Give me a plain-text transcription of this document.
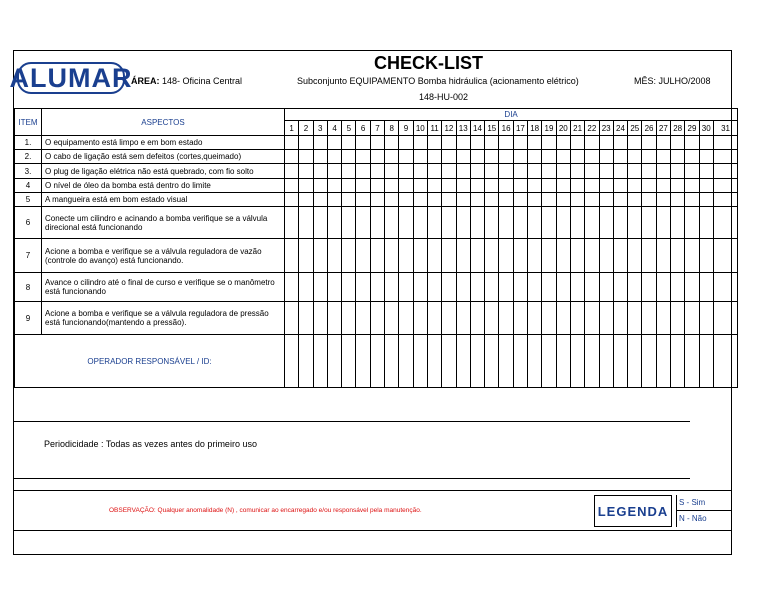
ALUMAR
ÁREA: 148- Oficina Central
CHECK-LIST
Subconjunto EQUIPAMENTO Bomba hidráulica (acionamento elétrico)
148-HU-002
MÊS: JULHO/2008
ITEM	ASPECTOS	DIA																														
		1	2	3	4	5	6	7	8	9	10	11	12	13	14	15	16	17	18	19	20	21	22	23	24	25	26	27	28	29	30	31
1.	O equipamento está limpo e em bom estado																															
2.	O cabo de ligação está sem defeitos (cortes,queimado)																															
3.	O plug de ligação elétrica não está quebrado, com fio solto																															
4	O nível de óleo da bomba está dentro do limite																															
5	A mangueira está em bom estado visual																															
6	Conecte um cilindro e acinando a bomba verifique se a válvula direcional está funcionando																															
7	Acione a bomba e verifique se a válvula reguladora de vazão (controle do avanço) está funcionando.																															
8	Avance o cilindro até o final de curso e verifique se o manômetro está funcionando																															
9	Acione a bomba e verifique se a válvula reguladora de pressão está funcionando(mantendo a pressão).																															
OPERADOR RESPONSÁVEL / ID:																																
Periodicidade : Todas as vezes antes do primeiro uso
OBSERVAÇÃO: Qualquer anomalidade (N) , comunicar ao encarregado e/ou responsável pela manutenção.	LEGENDA
S - Sim
N - Não
